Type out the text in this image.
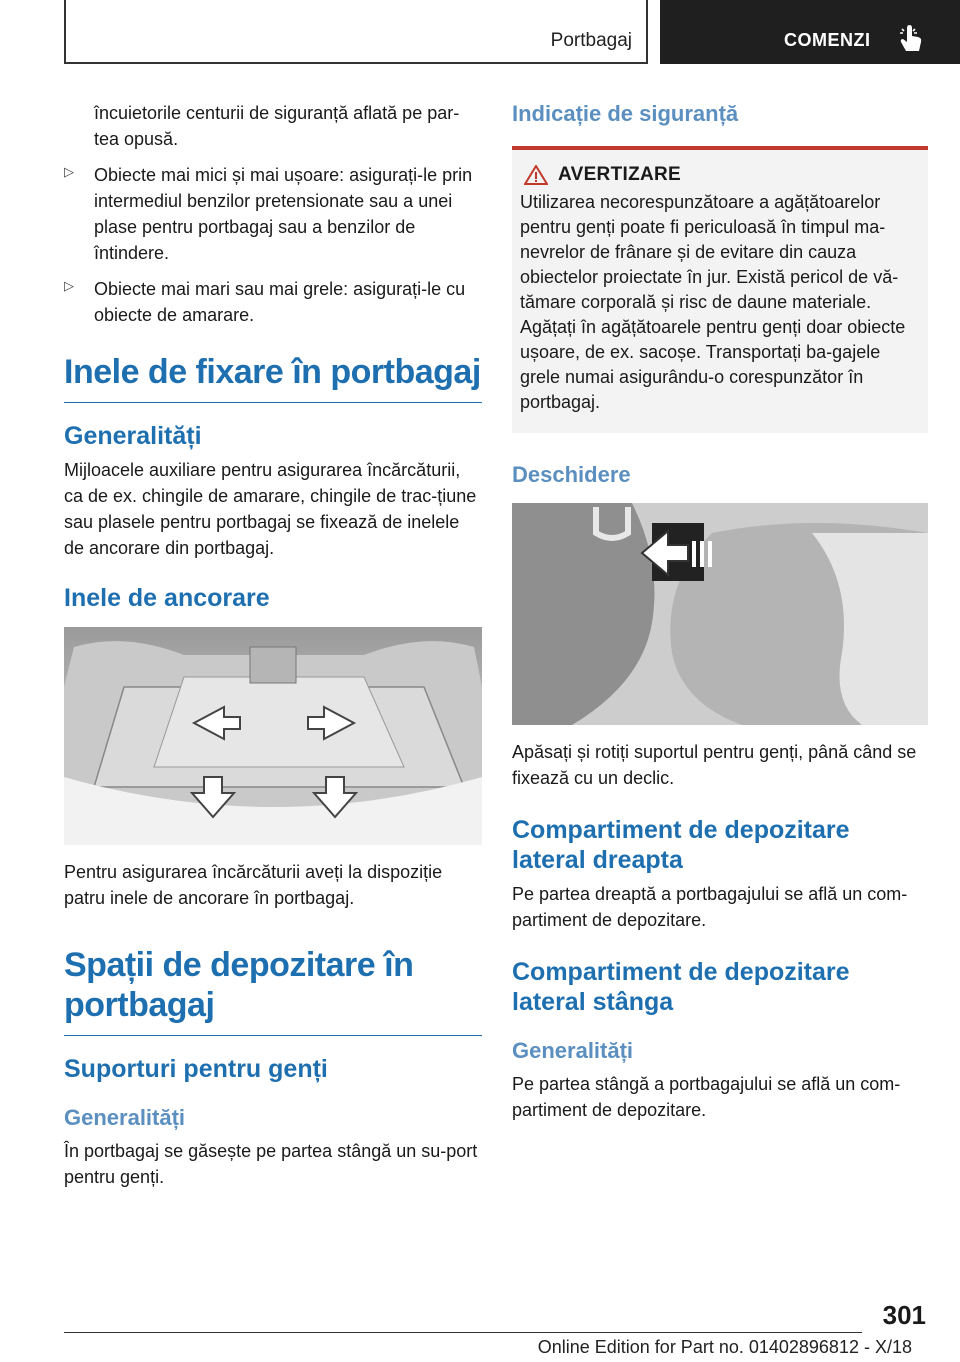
Portbagaj	COMENZI

încuietorile centurii de siguranță aflată pe par‐tea opusă.

▷	Obiecte mai mici și mai ușoare: asigurați-le prin intermediul benzilor pretensionate sau a unei plase pentru portbagaj sau a benzilor de întindere.

▷	Obiecte mai mari sau mai grele: asigurați-le cu obiecte de amarare.

Inele de fixare în portbagaj
Generalități

Mijloacele auxiliare pentru asigurarea încărcăturii, ca de ex. chingile de amarare, chingile de trac‐țiune sau plasele pentru portbagaj se fixează de inelele de ancorare din portbagaj.

Inele de ancorare

Pentru asigurarea încărcăturii aveți la dispoziție patru inele de ancorare în portbagaj.

Spații de depozitare în portbagaj
Suporturi pentru genți
Generalități

În portbagaj se găsește pe partea stângă un su‐port pentru genți.

Indicație de siguranță
AVERTIZARE

Utilizarea necorespunzătoare a agățătoarelor pentru genți poate fi periculoasă în timpul ma‐nevrelor de frânare și de evitare din cauza obiectelor proiectate în jur. Există pericol de vă‐tămare corporală și risc de daune materiale. Agățați în agățătoarele pentru genți doar obiecte ușoare, de ex. sacoșe. Transportați ba‐gajele grele numai asigurându-o corespunzător în portbagaj.

Deschidere

Apăsați și rotiți suportul pentru genți, până când se fixează cu un declic.

Compartiment de depozitare lateral dreapta

Pe partea dreaptă a portbagajului se află un com‐partiment de depozitare.

Compartiment de depozitare lateral stânga
Generalități

Pe partea stângă a portbagajului se află un com‐partiment de depozitare.

301
Online Edition for Part no. 01402896812 - X/18
